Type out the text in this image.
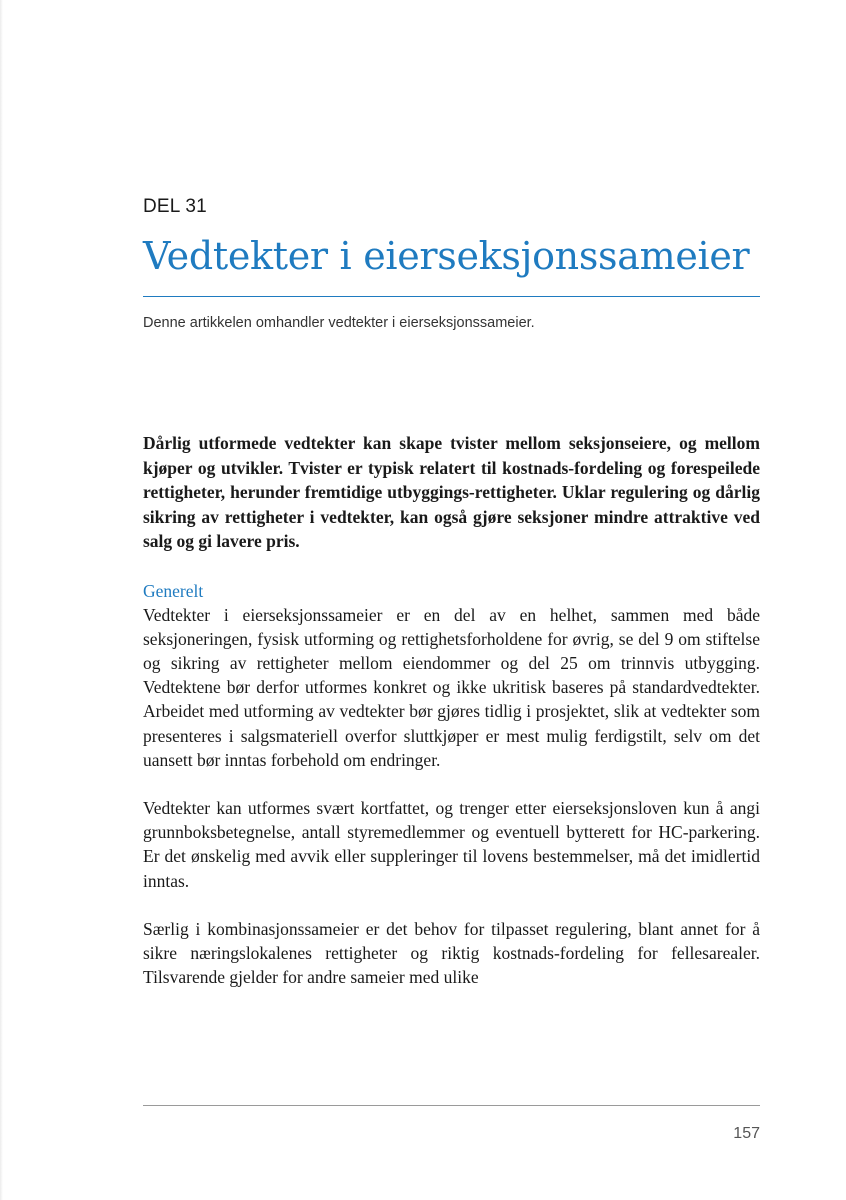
DEL 31
Vedtekter i eierseksjonssameier
Denne artikkelen omhandler vedtekter i eierseksjonssameier.

Dårlig utformede vedtekter kan skape tvister mellom seksjonseiere, og mellom kjøper og utvikler. Tvister er typisk relatert til kostnads-fordeling og forespeilede rettigheter, herunder fremtidige utbyggings-rettigheter. Uklar regulering og dårlig sikring av rettigheter i vedtekter, kan også gjøre seksjoner mindre attraktive ved salg og gi lavere pris.

Generelt

Vedtekter i eierseksjonssameier er en del av en helhet, sammen med både seksjoneringen, fysisk utforming og rettighetsforholdene for øvrig, se del 9 om stiftelse og sikring av rettigheter mellom eiendommer og del 25 om trinnvis utbygging. Vedtektene bør derfor utformes konkret og ikke ukritisk baseres på standardvedtekter. Arbeidet med utforming av vedtekter bør gjøres tidlig i prosjektet, slik at vedtekter som presenteres i salgsmateriell overfor sluttkjøper er mest mulig ferdigstilt, selv om det uansett bør inntas forbehold om endringer.

Vedtekter kan utformes svært kortfattet, og trenger etter eierseksjonsloven kun å angi grunnboksbetegnelse, antall styremedlemmer og eventuell bytterett for HC-parkering. Er det ønskelig med avvik eller suppleringer til lovens bestemmelser, må det imidlertid inntas.

Særlig i kombinasjonssameier er det behov for tilpasset regulering, blant annet for å sikre næringslokalenes rettigheter og riktig kostnads-fordeling for fellesarealer. Tilsvarende gjelder for andre sameier med ulike

157
